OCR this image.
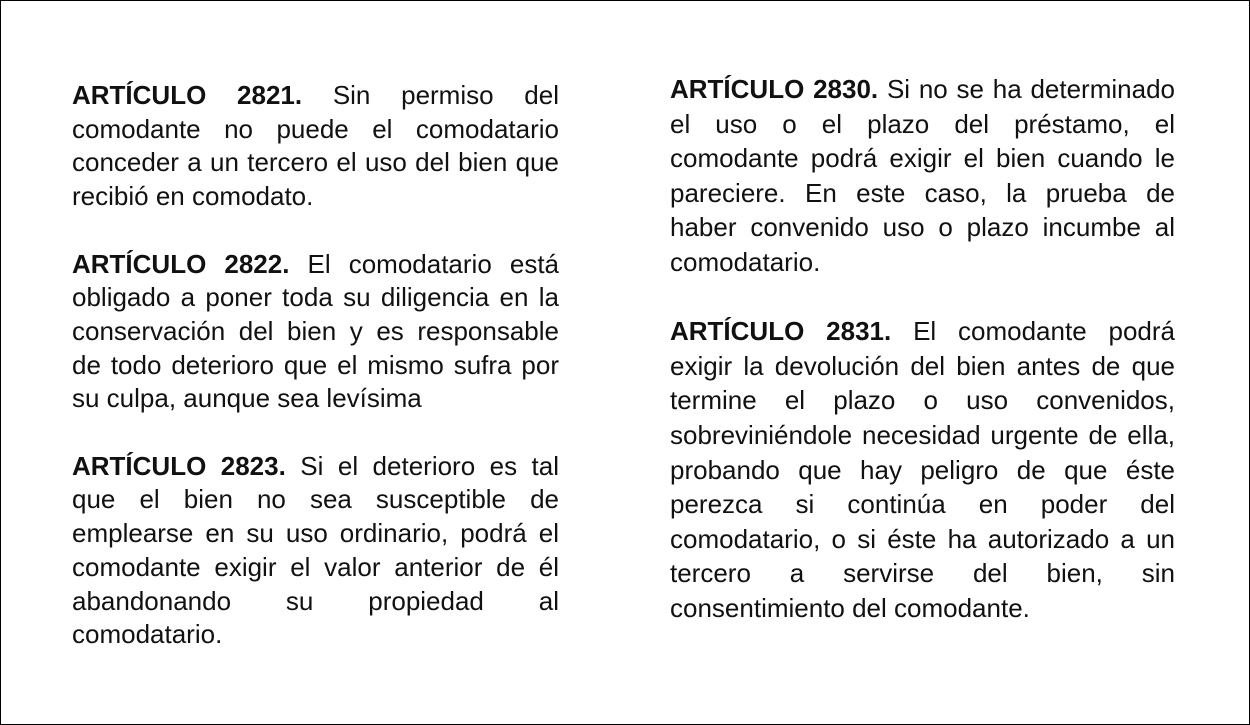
ARTÍCULO 2821. Sin permiso del comodante no puede el comodatario conceder a un tercero el uso del bien que recibió en comodato.

ARTÍCULO 2822. El comodatario está obligado a poner toda su diligencia en la conservación del bien y es responsable de todo deterioro que el mismo sufra por su culpa, aunque sea levísima

ARTÍCULO 2823. Si el deterioro es tal que el bien no sea susceptible de emplearse en su uso ordinario, podrá el comodante exigir el valor anterior de él abandonando su propiedad al comodatario.

ARTÍCULO 2830. Si no se ha determinado el uso o el plazo del préstamo, el comodante podrá exigir el bien cuando le pareciere. En este caso, la prueba de haber convenido uso o plazo incumbe al comodatario.

ARTÍCULO 2831. El comodante podrá exigir la devolución del bien antes de que termine el plazo o uso convenidos, sobreviniéndole necesidad urgente de ella, probando que hay peligro de que éste perezca si continúa en poder del comodatario, o si éste ha autorizado a un tercero a servirse del bien, sin consentimiento del comodante.
